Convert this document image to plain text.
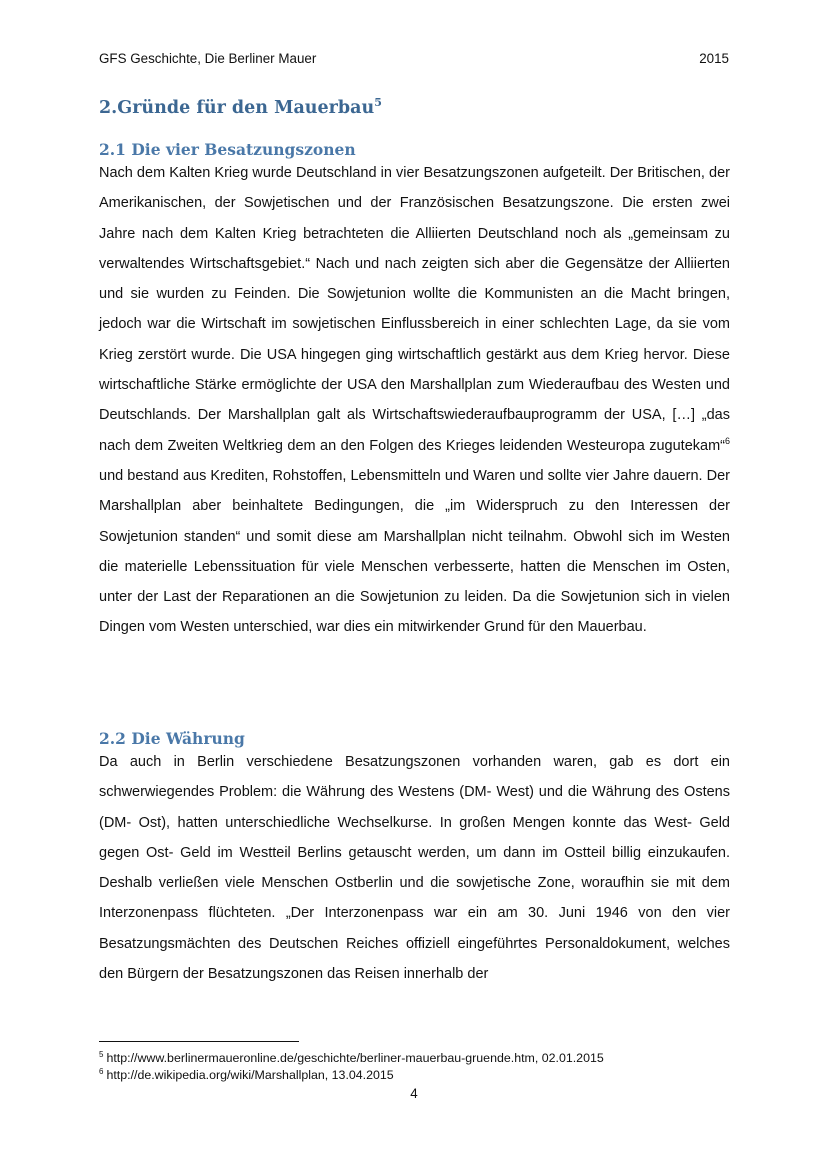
GFS Geschichte, Die Berliner Mauer	2015
2.Gründe für den Mauerbau$^5$
2.1 Die vier Besatzungszonen

Nach dem Kalten Krieg wurde Deutschland in vier Besatzungszonen aufgeteilt. Der Britischen, der Amerikanischen, der Sowjetischen und der Französischen Besatzungszone. Die ersten zwei Jahre nach dem Kalten Krieg betrachteten die Alliierten Deutschland noch als „gemeinsam zu verwaltendes Wirtschaftsgebiet.“ Nach und nach zeigten sich aber die Gegensätze der Alliierten und sie wurden zu Feinden. Die Sowjetunion wollte die Kommunisten an die Macht bringen, jedoch war die Wirtschaft im sowjetischen Einflussbereich in einer schlechten Lage, da sie vom Krieg zerstört wurde. Die USA hingegen ging wirtschaftlich gestärkt aus dem Krieg hervor. Diese wirtschaftliche Stärke ermöglichte der USA den Marshallplan zum Wiederaufbau des Westen und Deutschlands. Der Marshallplan galt als Wirtschaftswiederaufbauprogramm der USA, […] „das nach dem Zweiten Weltkrieg dem an den Folgen des Krieges leidenden Westeuropa zugutekam“$^6$ und bestand aus Krediten, Rohstoffen, Lebensmitteln und Waren und sollte vier Jahre dauern. Der Marshallplan aber beinhaltete Bedingungen, die „im Widerspruch zu den Interessen der Sowjetunion standen“ und somit diese am Marshallplan nicht teilnahm. Obwohl sich im Westen die materielle Lebenssituation für viele Menschen verbesserte, hatten die Menschen im Osten, unter der Last der Reparationen an die Sowjetunion zu leiden. Da die Sowjetunion sich in vielen Dingen vom Westen unterschied, war dies ein mitwirkender Grund für den Mauerbau.

2.2 Die Währung

Da auch in Berlin verschiedene Besatzungszonen vorhanden waren, gab es dort ein schwerwiegendes Problem: die Währung des Westens (DM- West) und die Währung des Ostens (DM- Ost), hatten unterschiedliche Wechselkurse. In großen Mengen konnte das West- Geld gegen Ost- Geld im Westteil Berlins getauscht werden, um dann im Ostteil billig einzukaufen. Deshalb verließen viele Menschen Ostberlin und die sowjetische Zone, woraufhin sie mit dem Interzonenpass flüchteten. „Der Interzonenpass war ein am 30. Juni 1946 von den vier Besatzungsmächten des Deutschen Reiches offiziell eingeführtes Personaldokument, welches den Bürgern der Besatzungszonen das Reisen innerhalb der

$^5$ http://www.berlinermaueronline.de/geschichte/berliner-mauerbau-gruende.htm, 02.01.2015

$^6$ http://de.wikipedia.org/wiki/Marshallplan, 13.04.2015

4
